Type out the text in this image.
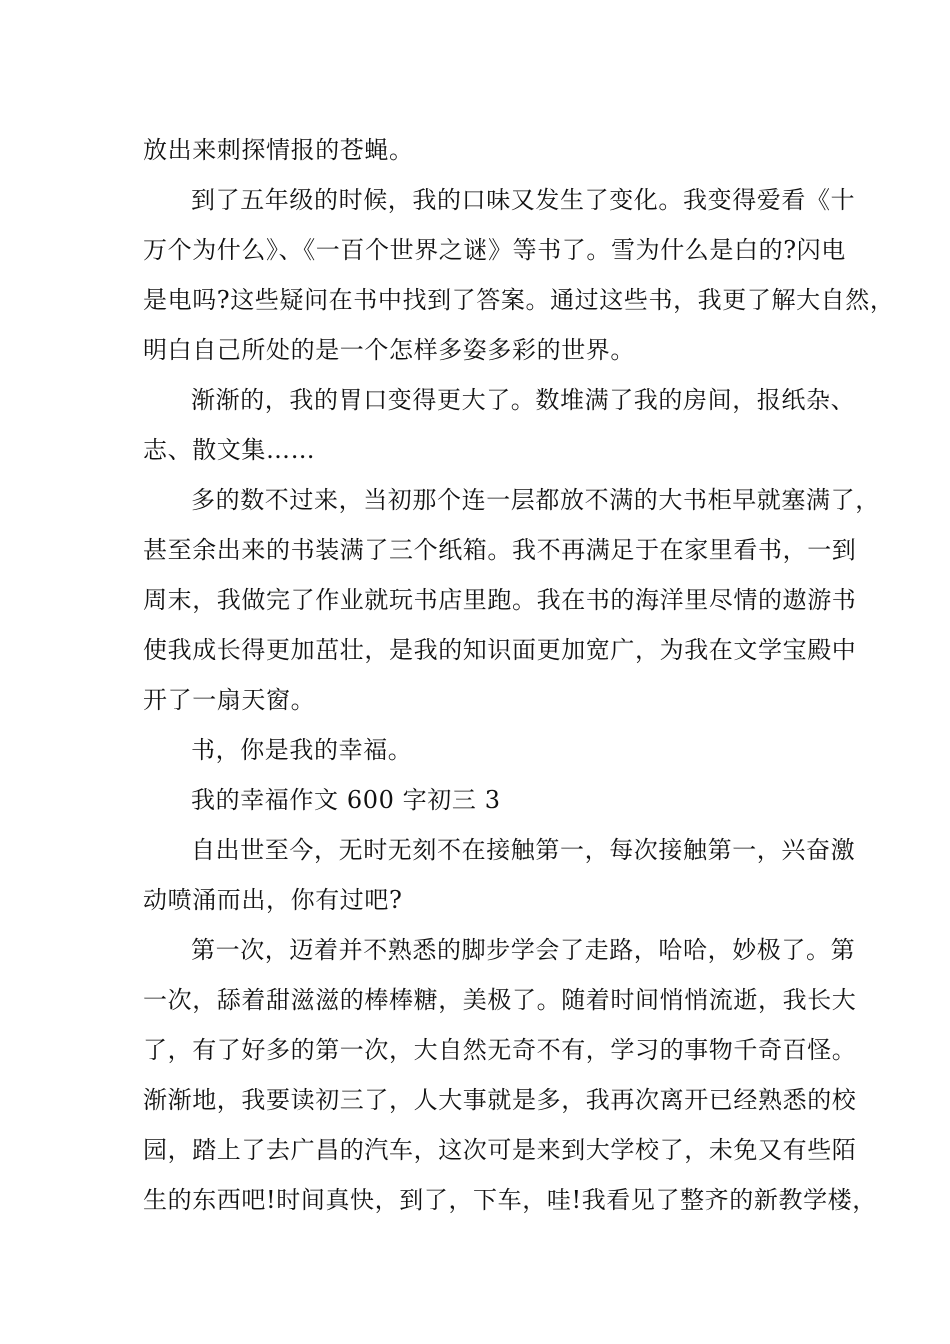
放出来刺探情报的苍蝇。
到了五年级的时候，我的口味又发生了变化。我变得爱看《十
万个为什么》、《一百个世界之谜》等书了。雪为什么是白的?闪电
是电吗?这些疑问在书中找到了答案。通过这些书，我更了解大自然，
明白自己所处的是一个怎样多姿多彩的世界。
渐渐的，我的胃口变得更大了。数堆满了我的房间，报纸杂、
志、散文集……
多的数不过来，当初那个连一层都放不满的大书柜早就塞满了，
甚至余出来的书装满了三个纸箱。我不再满足于在家里看书，一到
周末，我做完了作业就玩书店里跑。我在书的海洋里尽情的遨游书
使我成长得更加茁壮，是我的知识面更加宽广，为我在文学宝殿中
开了一扇天窗。
书，你是我的幸福。
我的幸福作文 600 字初三 3
自出世至今，无时无刻不在接触第一，每次接触第一，兴奋激
动喷涌而出，你有过吧?
第一次，迈着并不熟悉的脚步学会了走路，哈哈，妙极了。第
一次，舔着甜滋滋的棒棒糖，美极了。随着时间悄悄流逝，我长大
了，有了好多的第一次，大自然无奇不有，学习的事物千奇百怪。
渐渐地，我要读初三了，人大事就是多，我再次离开已经熟悉的校
园，踏上了去广昌的汽车，这次可是来到大学校了，未免又有些陌
生的东西吧!时间真快，到了，下车，哇!我看见了整齐的新教学楼，
